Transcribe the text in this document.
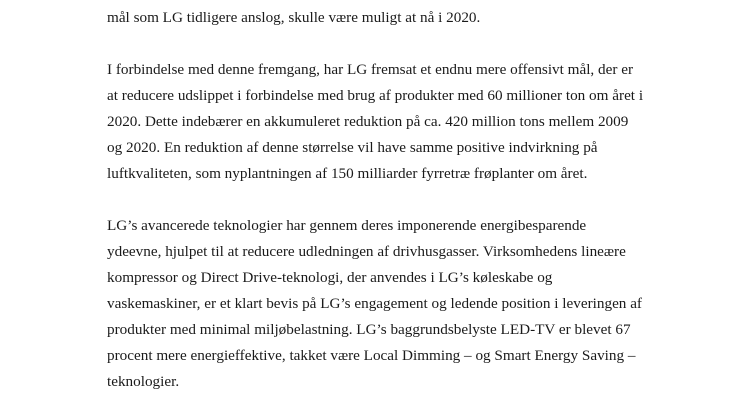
mål som LG tidligere anslog, skulle være muligt at nå i 2020.
I forbindelse med denne fremgang, har LG fremsat et endnu mere offensivt mål, der er
at reducere udslippet i forbindelse med brug af produkter med 60 millioner ton om året i
2020. Dette indebærer en akkumuleret reduktion på ca. 420 million tons mellem 2009
og 2020. En reduktion af denne størrelse vil have samme positive indvirkning på
luftkvaliteten, som nyplantningen af 150 milliarder fyrretræ frøplanter om året.
LG’s avancerede teknologier har gennem deres imponerende energibesparende
ydeevne, hjulpet til at reducere udledningen af drivhusgasser. Virksomhedens lineære
kompressor og Direct Drive-teknologi, der anvendes i LG’s køleskabe og
vaskemaskiner, er et klart bevis på LG’s engagement og ledende position i leveringen af
produkter med minimal miljøbelastning. LG’s baggrundsbelyste LED-TV er blevet 67
procent mere energieffektive, takket være Local Dimming – og Smart Energy Saving –
teknologier.
